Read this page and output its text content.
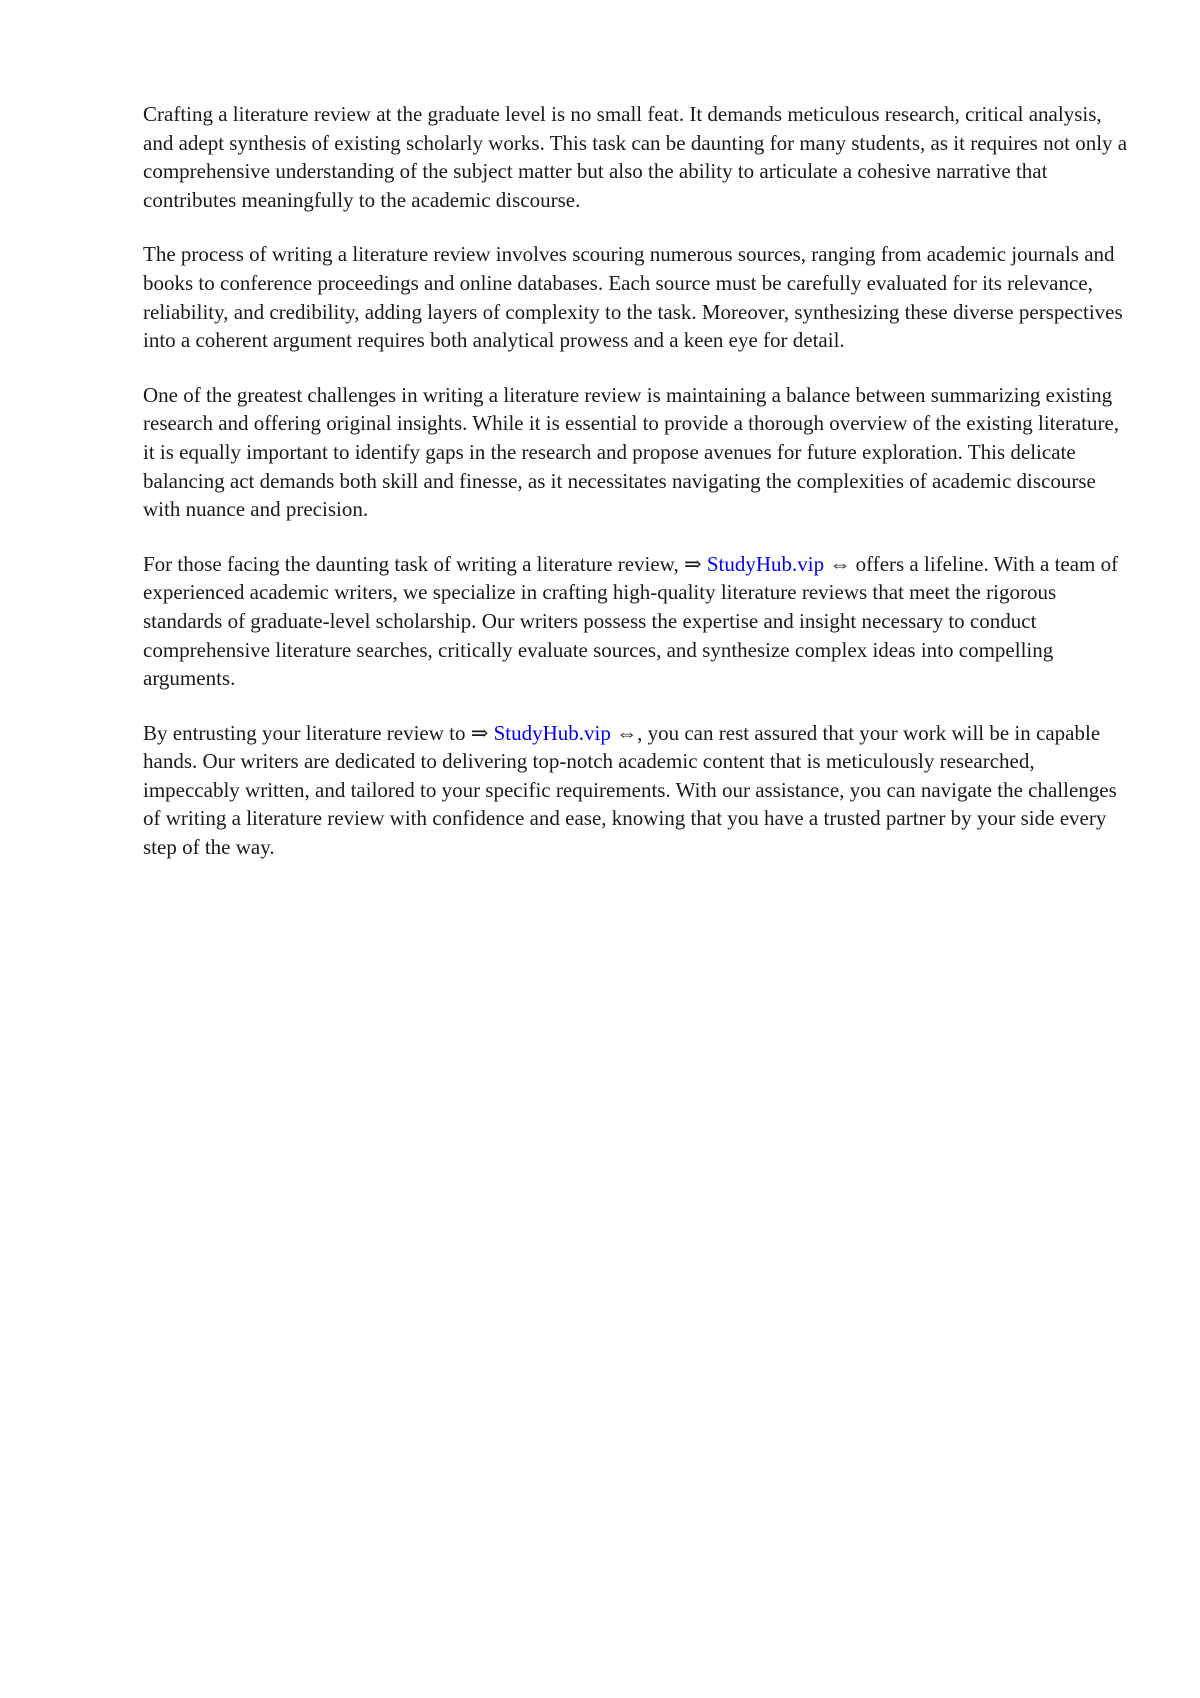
Crafting a literature review at the graduate level is no small feat. It demands meticulous research, critical analysis, and adept synthesis of existing scholarly works. This task can be daunting for many students, as it requires not only a comprehensive understanding of the subject matter but also the ability to articulate a cohesive narrative that contributes meaningfully to the academic discourse.

The process of writing a literature review involves scouring numerous sources, ranging from academic journals and books to conference proceedings and online databases. Each source must be carefully evaluated for its relevance, reliability, and credibility, adding layers of complexity to the task. Moreover, synthesizing these diverse perspectives into a coherent argument requires both analytical prowess and a keen eye for detail.

One of the greatest challenges in writing a literature review is maintaining a balance between summarizing existing research and offering original insights. While it is essential to provide a thorough overview of the existing literature, it is equally important to identify gaps in the research and propose avenues for future exploration. This delicate balancing act demands both skill and finesse, as it necessitates navigating the complexities of academic discourse with nuance and precision.

For those facing the daunting task of writing a literature review, ⇒ StudyHub.vip ⇔ offers a lifeline. With a team of experienced academic writers, we specialize in crafting high-quality literature reviews that meet the rigorous standards of graduate-level scholarship. Our writers possess the expertise and insight necessary to conduct comprehensive literature searches, critically evaluate sources, and synthesize complex ideas into compelling arguments.

By entrusting your literature review to ⇒ StudyHub.vip ⇔, you can rest assured that your work will be in capable hands. Our writers are dedicated to delivering top-notch academic content that is meticulously researched, impeccably written, and tailored to your specific requirements. With our assistance, you can navigate the challenges of writing a literature review with confidence and ease, knowing that you have a trusted partner by your side every step of the way.
